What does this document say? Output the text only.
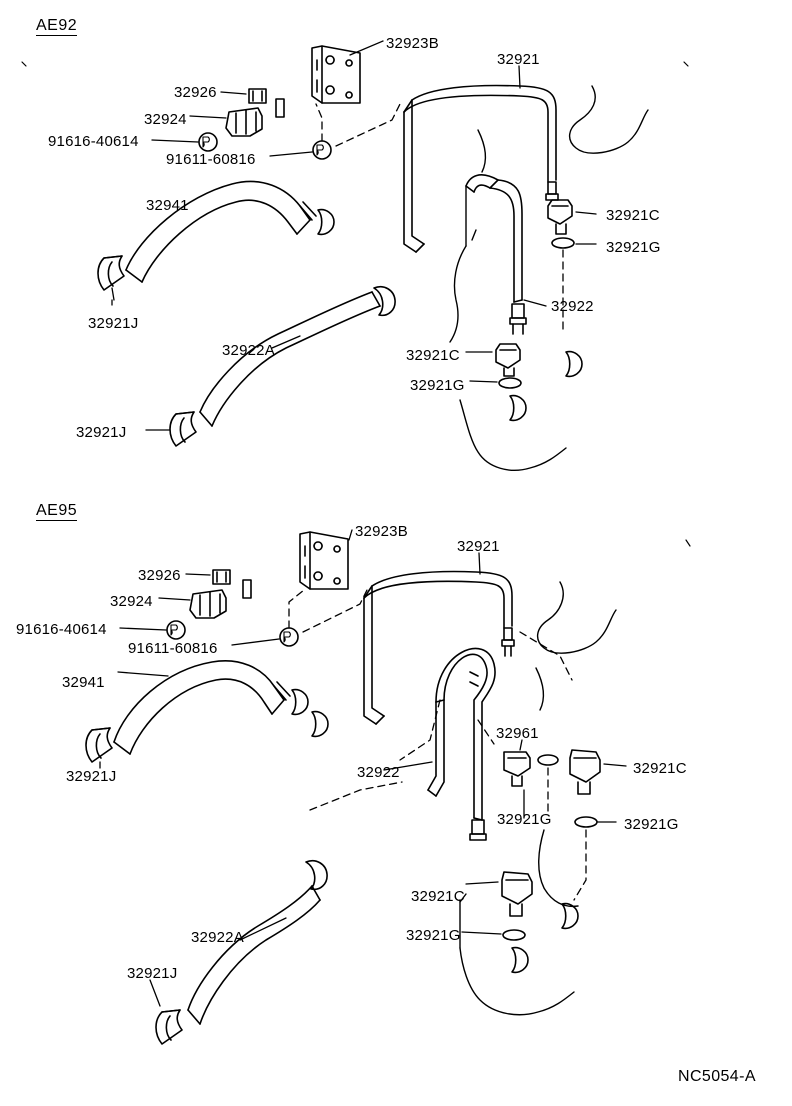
AE92
32923B
32921
32926
32924
91616-40614
91611-60816
32941
32921C
32921G
32921J
32922
32922A	32921C
32921G
32921J
AE95
32923B
32921
32926
32924
91616-40614
91611-60816
32941
32961
32921C
32921J	32922
32921G	32921G
32921C
32922A	32921G
32921J
NC5054-A
